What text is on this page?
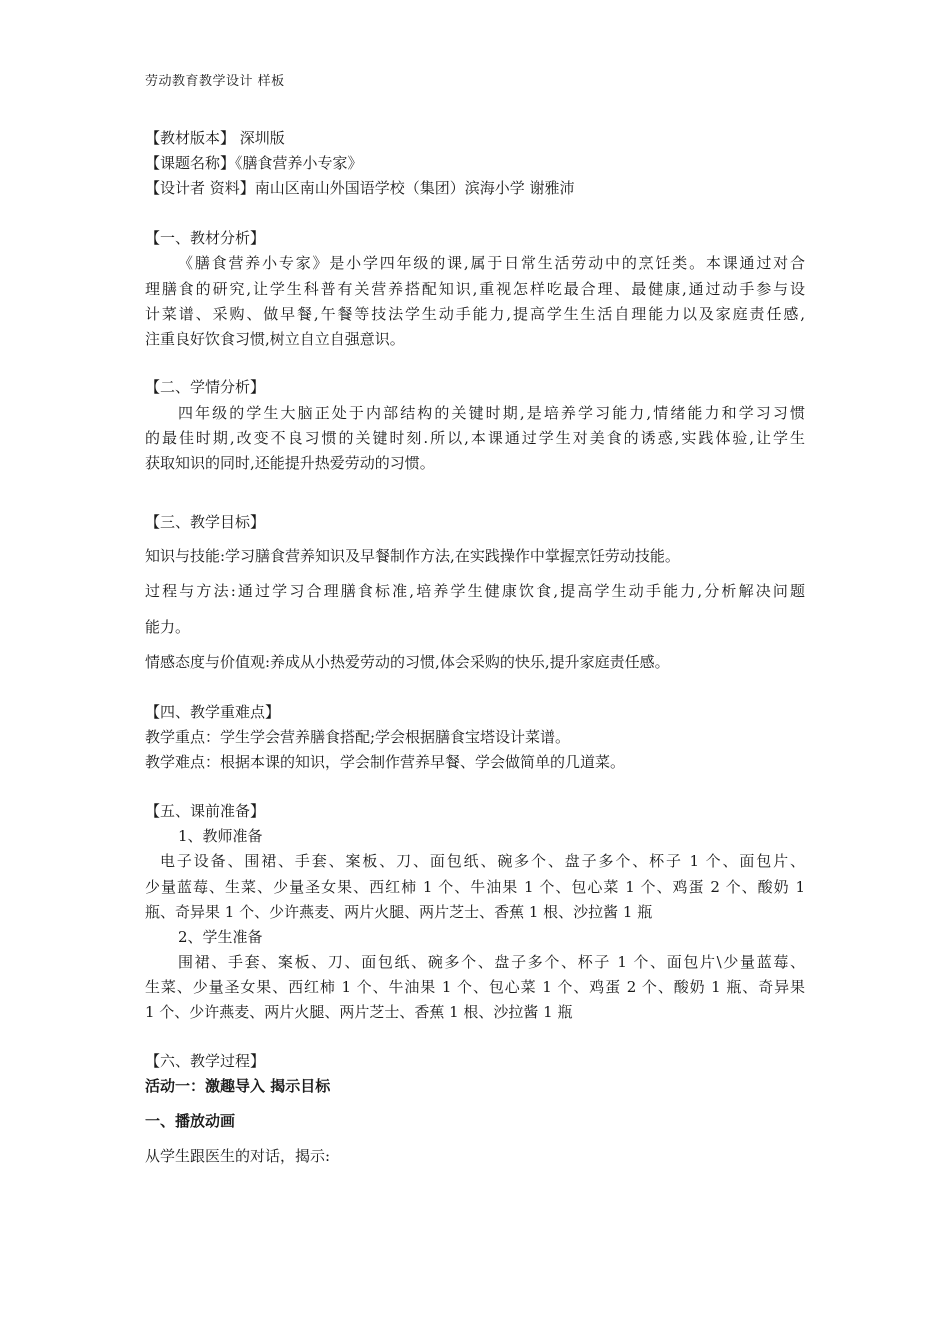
劳动教育教学设计 样板
【教材版本】 深圳版
【课题名称】《膳食营养小专家》
【设计者 资料】南山区南山外国语学校（集团）滨海小学 谢雅沛
【一、教材分析】
《膳食营养小专家》是小学四年级的课,属于日常生活劳动中的烹饪类。本课通过对合
理膳食的研究,让学生科普有关营养搭配知识,重视怎样吃最合理、最健康,通过动手参与设
计菜谱、采购、做早餐,午餐等技法学生动手能力,提高学生生活自理能力以及家庭责任感,
注重良好饮食习惯,树立自立自强意识。
【二、学情分析】
四年级的学生大脑正处于内部结构的关键时期,是培养学习能力,情绪能力和学习习惯
的最佳时期,改变不良习惯的关键时刻.所以,本课通过学生对美食的诱惑,实践体验,让学生
获取知识的同时,还能提升热爱劳动的习惯。
【三、教学目标】
知识与技能:学习膳食营养知识及早餐制作方法,在实践操作中掌握烹饪劳动技能。
过程与方法:通过学习合理膳食标准,培养学生健康饮食,提高学生动手能力,分析解决问题
能力。
情感态度与价值观:养成从小热爱劳动的习惯,体会采购的快乐,提升家庭责任感。
【四、教学重难点】
教学重点：学生学会营养膳食搭配;学会根据膳食宝塔设计菜谱。
教学难点：根据本课的知识，学会制作营养早餐、学会做简单的几道菜。
【五、课前准备】
1、教师准备
电子设备、围裙、手套、案板、刀、面包纸、碗多个、盘子多个、杯子 1 个、面包片、
少量蓝莓、生菜、少量圣女果、西红柿 1 个、牛油果 1 个、包心菜 1 个、鸡蛋 2 个、酸奶 1
瓶、奇异果 1 个、少许燕麦、两片火腿、两片芝士、香蕉 1 根、沙拉酱 1 瓶
2、学生准备
围裙、手套、案板、刀、面包纸、碗多个、盘子多个、杯子 1 个、面包片\少量蓝莓、
生菜、少量圣女果、西红柿 1 个、牛油果 1 个、包心菜 1 个、鸡蛋 2 个、酸奶 1 瓶、奇异果
1 个、少许燕麦、两片火腿、两片芝士、香蕉 1 根、沙拉酱 1 瓶
【六、教学过程】
活动一：激趣导入 揭示目标
一、播放动画
从学生跟医生的对话，揭示:
